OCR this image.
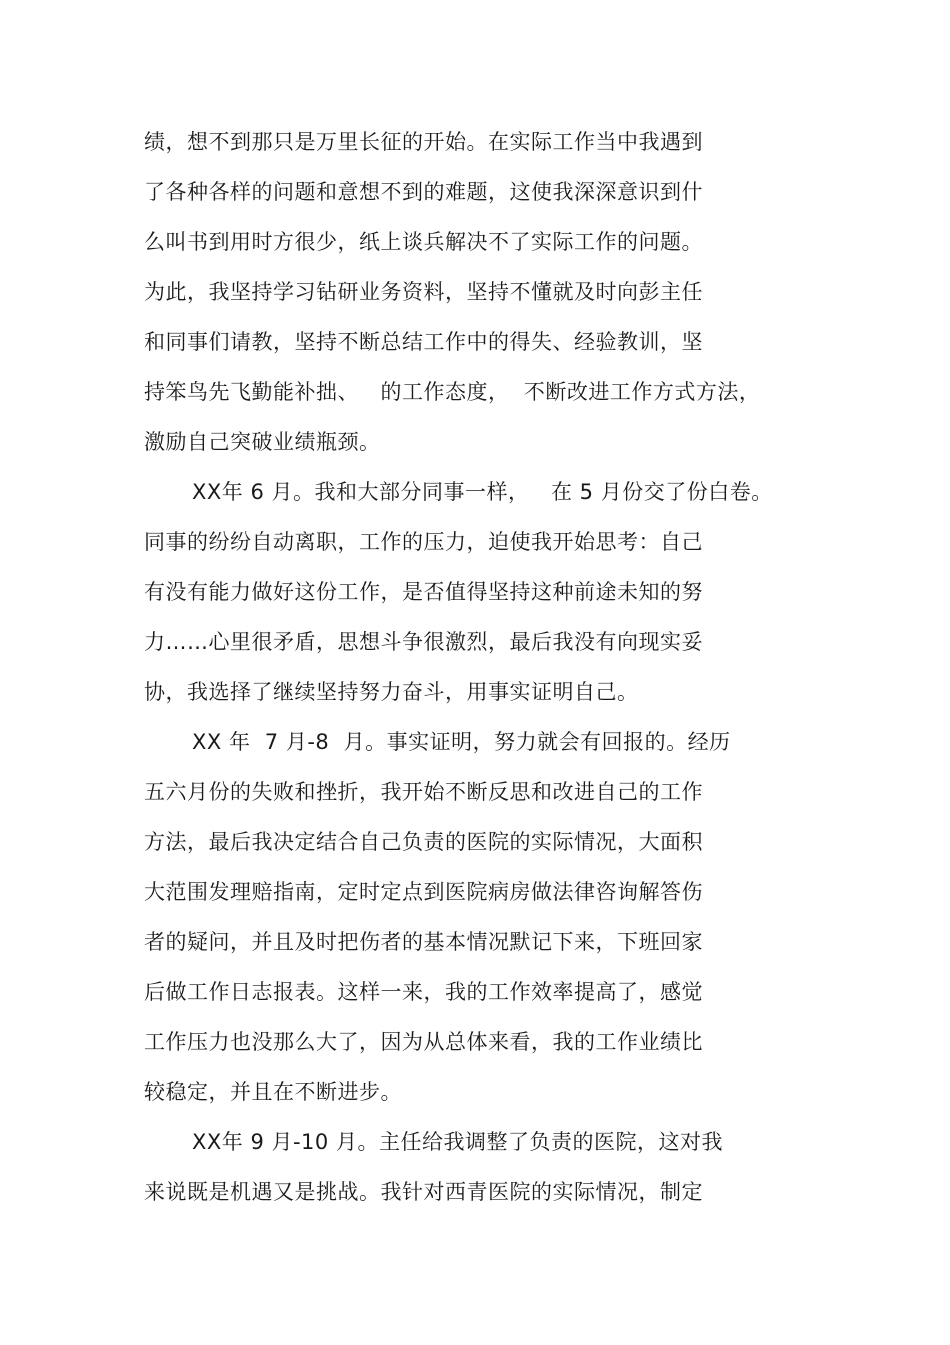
绩，想不到那只是万里长征的开始。在实际工作当中我遇到
了各种各样的问题和意想不到的难题，这使我深深意识到什
么叫书到用时方很少，纸上谈兵解决不了实际工作的问题。
为此，我坚持学习钻研业务资料，坚持不懂就及时向彭主任
和同事们请教，坚持不断总结工作中的得失、经验教训，坚
持笨鸟先飞勤能补拙、   的工作态度，  不断改进工作方式方法，
激励自己突破业绩瓶颈。
XX年 6 月。我和大部分同事一样，   在 5 月份交了份白卷。
同事的纷纷自动离职，工作的压力，迫使我开始思考：自己
有没有能力做好这份工作，是否值得坚持这种前途未知的努
力……心里很矛盾，思想斗争很激烈，最后我没有向现实妥
协，我选择了继续坚持努力奋斗，用事实证明自己。
XX 年  7 月-8  月。事实证明，努力就会有回报的。经历
五六月份的失败和挫折，我开始不断反思和改进自己的工作
方法，最后我决定结合自己负责的医院的实际情况，大面积
大范围发理赔指南，定时定点到医院病房做法律咨询解答伤
者的疑问，并且及时把伤者的基本情况默记下来，下班回家
后做工作日志报表。这样一来，我的工作效率提高了，感觉
工作压力也没那么大了，因为从总体来看，我的工作业绩比
较稳定，并且在不断进步。
XX年 9 月-10 月。主任给我调整了负责的医院，这对我
来说既是机遇又是挑战。我针对西青医院的实际情况，制定
